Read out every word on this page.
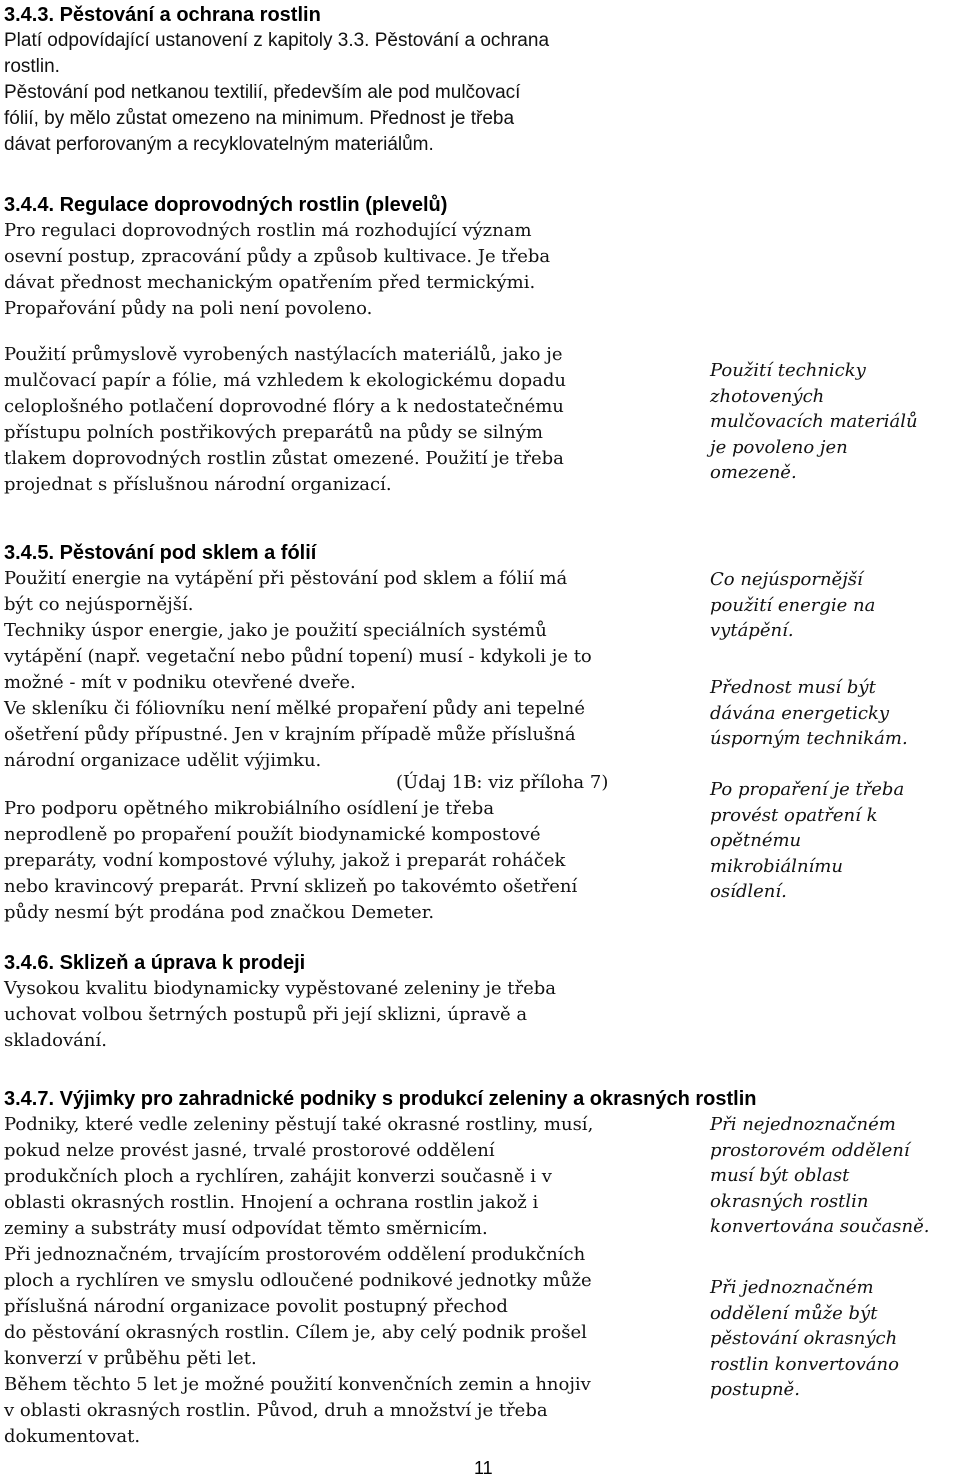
3.4.3. Pěstování a ochrana rostlin
Platí odpovídající ustanovení z kapitoly 3.3. Pěstování a ochrana
rostlin.
Pěstování pod netkanou textilií, především ale pod mulčovací
fólií, by mělo zůstat omezeno na minimum. Přednost je třeba
dávat perforovaným a recyklovatelným materiálům.
3.4.4. Regulace doprovodných rostlin (plevelů)
Pro regulaci doprovodných rostlin má rozhodující význam
osevní postup, zpracování půdy a způsob kultivace. Je třeba
dávat přednost mechanickým opatřením před termickými.
Propařování půdy na poli není povoleno.
Použití průmyslově vyrobených nastýlacích materiálů, jako je
mulčovací papír a fólie, má vzhledem k ekologickému dopadu
celoplošného potlačení doprovodné flóry a k nedostatečnému
přístupu polních postřikových preparátů na půdy se silným
tlakem doprovodných rostlin zůstat omezené. Použití je třeba
projednat s příslušnou národní organizací.
Použití technicky
zhotovených
mulčovacích materiálů
je povoleno jen
omezeně.
3.4.5. Pěstování pod sklem a fólií
Použití energie na vytápění při pěstování pod sklem a fólií má
být co nejúspornější.
Techniky úspor energie, jako je použití speciálních systémů
vytápění (např. vegetační nebo půdní topení) musí - kdykoli je to
možné - mít v podniku otevřené dveře.
Ve skleníku či fóliovníku není mělké propaření půdy ani tepelné
ošetření půdy přípustné. Jen v krajním případě může příslušná
národní organizace udělit výjimku.
(Údaj 1B: viz příloha 7)
Pro podporu opětného mikrobiálního osídlení je třeba
neprodleně po propaření použít biodynamické kompostové
preparáty, vodní kompostové výluhy, jakož i preparát roháček
nebo kravincový preparát. První sklizeň po takovémto ošetření
půdy nesmí být prodána pod značkou Demeter.
Co nejúspornější
použití energie na
vytápění.
Přednost musí být
dávána energeticky
úsporným technikám.
Po propaření je třeba
provést opatření k
opětnému
mikrobiálnímu
osídlení.
3.4.6. Sklizeň a úprava k prodeji
Vysokou kvalitu biodynamicky vypěstované zeleniny je třeba
uchovat volbou šetrných postupů při její sklizni, úpravě a
skladování.
3.4.7. Výjimky pro zahradnické podniky s produkcí zeleniny a okrasných rostlin
Podniky, které vedle zeleniny pěstují také okrasné rostliny, musí,
pokud nelze provést jasné, trvalé prostorové oddělení
produkčních ploch a rychlíren, zahájit konverzi současně i v
oblasti okrasných rostlin. Hnojení a ochrana rostlin jakož i
zeminy a substráty musí odpovídat těmto směrnicím.
Při jednoznačném, trvajícím prostorovém oddělení produkčních
ploch a rychlíren ve smyslu odloučené podnikové jednotky může
příslušná národní organizace povolit postupný přechod
do pěstování okrasných rostlin. Cílem je, aby celý podnik prošel
konverzí v průběhu pěti let.
Během těchto 5 let je možné použití konvenčních zemin a hnojiv
v oblasti okrasných rostlin. Původ, druh a množství je třeba
dokumentovat.
Při nejednoznačném
prostorovém oddělení
musí být oblast
okrasných rostlin
konvertována současně.
Při jednoznačném
oddělení může být
pěstování okrasných
rostlin konvertováno
postupně.
11
